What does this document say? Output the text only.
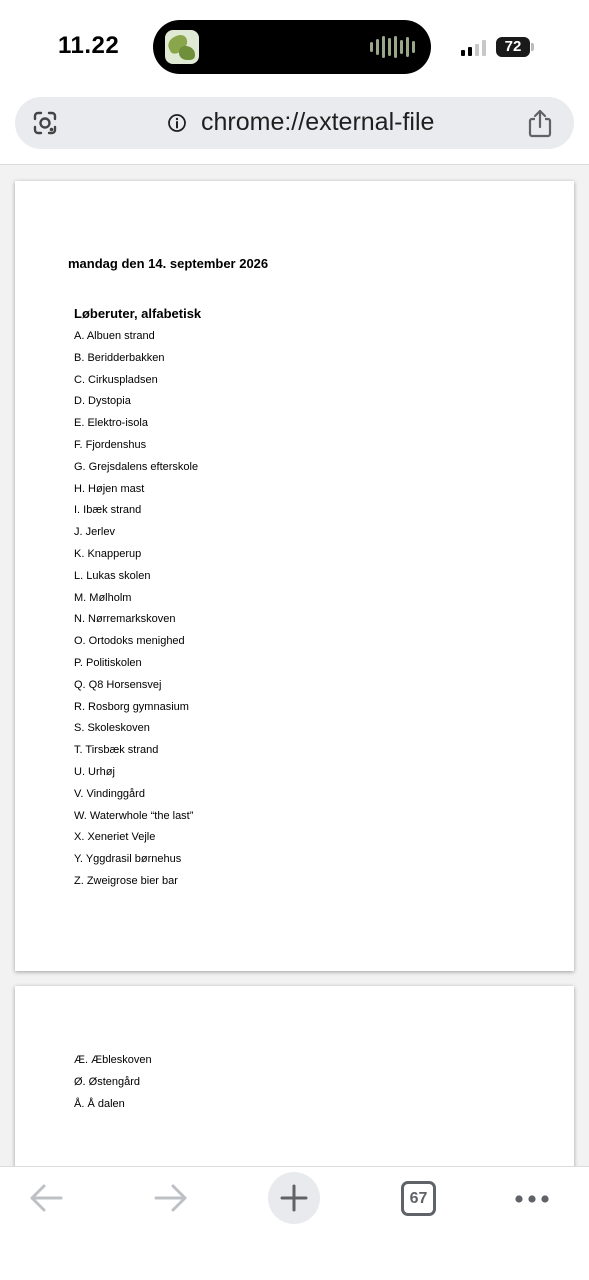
11.22	72
chrome://external-file
mandag den 14. september 2026
Løberuter, alfabetisk
A. Albuen strand
B. Beridderbakken
C. Cirkuspladsen
D. Dystopia
E. Elektro-isola
F. Fjordenshus
G. Grejsdalens efterskole
H. Højen mast
I. Ibæk strand
J. Jerlev
K. Knapperup
L. Lukas skolen
M. Mølholm
N. Nørremarkskoven
O. Ortodoks menighed
P. Politiskolen
Q. Q8 Horsensvej
R. Rosborg gymnasium
S. Skoleskoven
T. Tirsbæk strand
U. Urhøj
V. Vindinggård
W. Waterwhole “the last”
X. Xeneriet Vejle
Y. Yggdrasil børnehus
Z. Zweigrose bier bar
Æ. Æbleskoven
Ø. Østengård
Å. Å dalen
67
